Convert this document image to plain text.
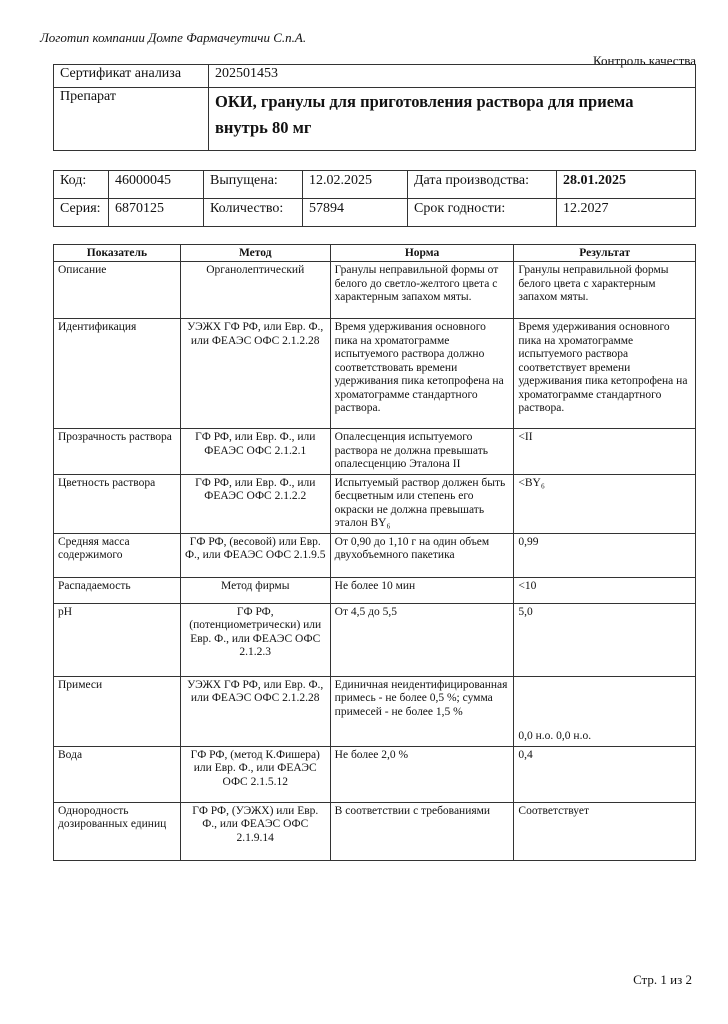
Логотип компании Домпе Фармачеутичи С.п.А.
Контроль качества
Сертификат анализа	202501453
Препарат	ОКИ, гранулы для приготовления раствора для приема внутрь 80 мг
Код:	46000045	Выпущена:	12.02.2025	Дата производства:	28.01.2025
Серия:	6870125	Количество:	57894	Срок годности:	12.2027
Показатель	Метод	Норма	Результат
Описание	Органолептический	Гранулы неправильной формы от белого до светло-желтого цвета с характерным запахом мяты.	Гранулы неправильной формы белого цвета с характерным запахом мяты.
Идентификация	УЭЖХ ГФ РФ, или Евр. Ф., или ФЕАЭС ОФС 2.1.2.28	Время удерживания основного пика на хроматограмме испытуемого раствора должно соответствовать времени удерживания пика кетопрофена на хроматограмме стандартного раствора.	Время удерживания основного пика на хроматограмме испытуемого раствора соответствует времени удерживания пика кетопрофена на хроматограмме стандартного раствора.
Прозрачность раствора	ГФ РФ, или Евр. Ф., или ФЕАЭС ОФС 2.1.2.1	Опалесценция испытуемого раствора не должна превышать опалесценцию Эталона II	<II
Цветность раствора	ГФ РФ, или Евр. Ф., или ФЕАЭС ОФС 2.1.2.2	Испытуемый раствор должен быть бесцветным или степень его окраски не должна превышать эталон BY₆	<BY₆
Средняя масса содержимого	ГФ РФ, (весовой) или Евр. Ф., или ФЕАЭС ОФС 2.1.9.5	От 0,90 до 1,10 г на один объем двухобъемного пакетика	0,99
Распадаемость	Метод фирмы	Не более 10 мин	<10
pH	ГФ РФ, (потенциометрически) или Евр. Ф., или ФЕАЭС ОФС 2.1.2.3	От 4,5 до 5,5	5,0
Примеси	УЭЖХ ГФ РФ, или Евр. Ф., или ФЕАЭС ОФС 2.1.2.28	Единичная неидентифицированная примесь - не более 0,5 %; сумма примесей - не более 1,5 %	0,0 н.о. 0,0 н.о.
Вода	ГФ РФ, (метод К.Фишера) или Евр. Ф., или ФЕАЭС ОФС 2.1.5.12	Не более 2,0 %	0,4
Однородность дозированных единиц	ГФ РФ, (УЭЖХ) или Евр. Ф., или ФЕАЭС ОФС 2.1.9.14	В соответствии с требованиями	Соответствует
Стр. 1 из 2
